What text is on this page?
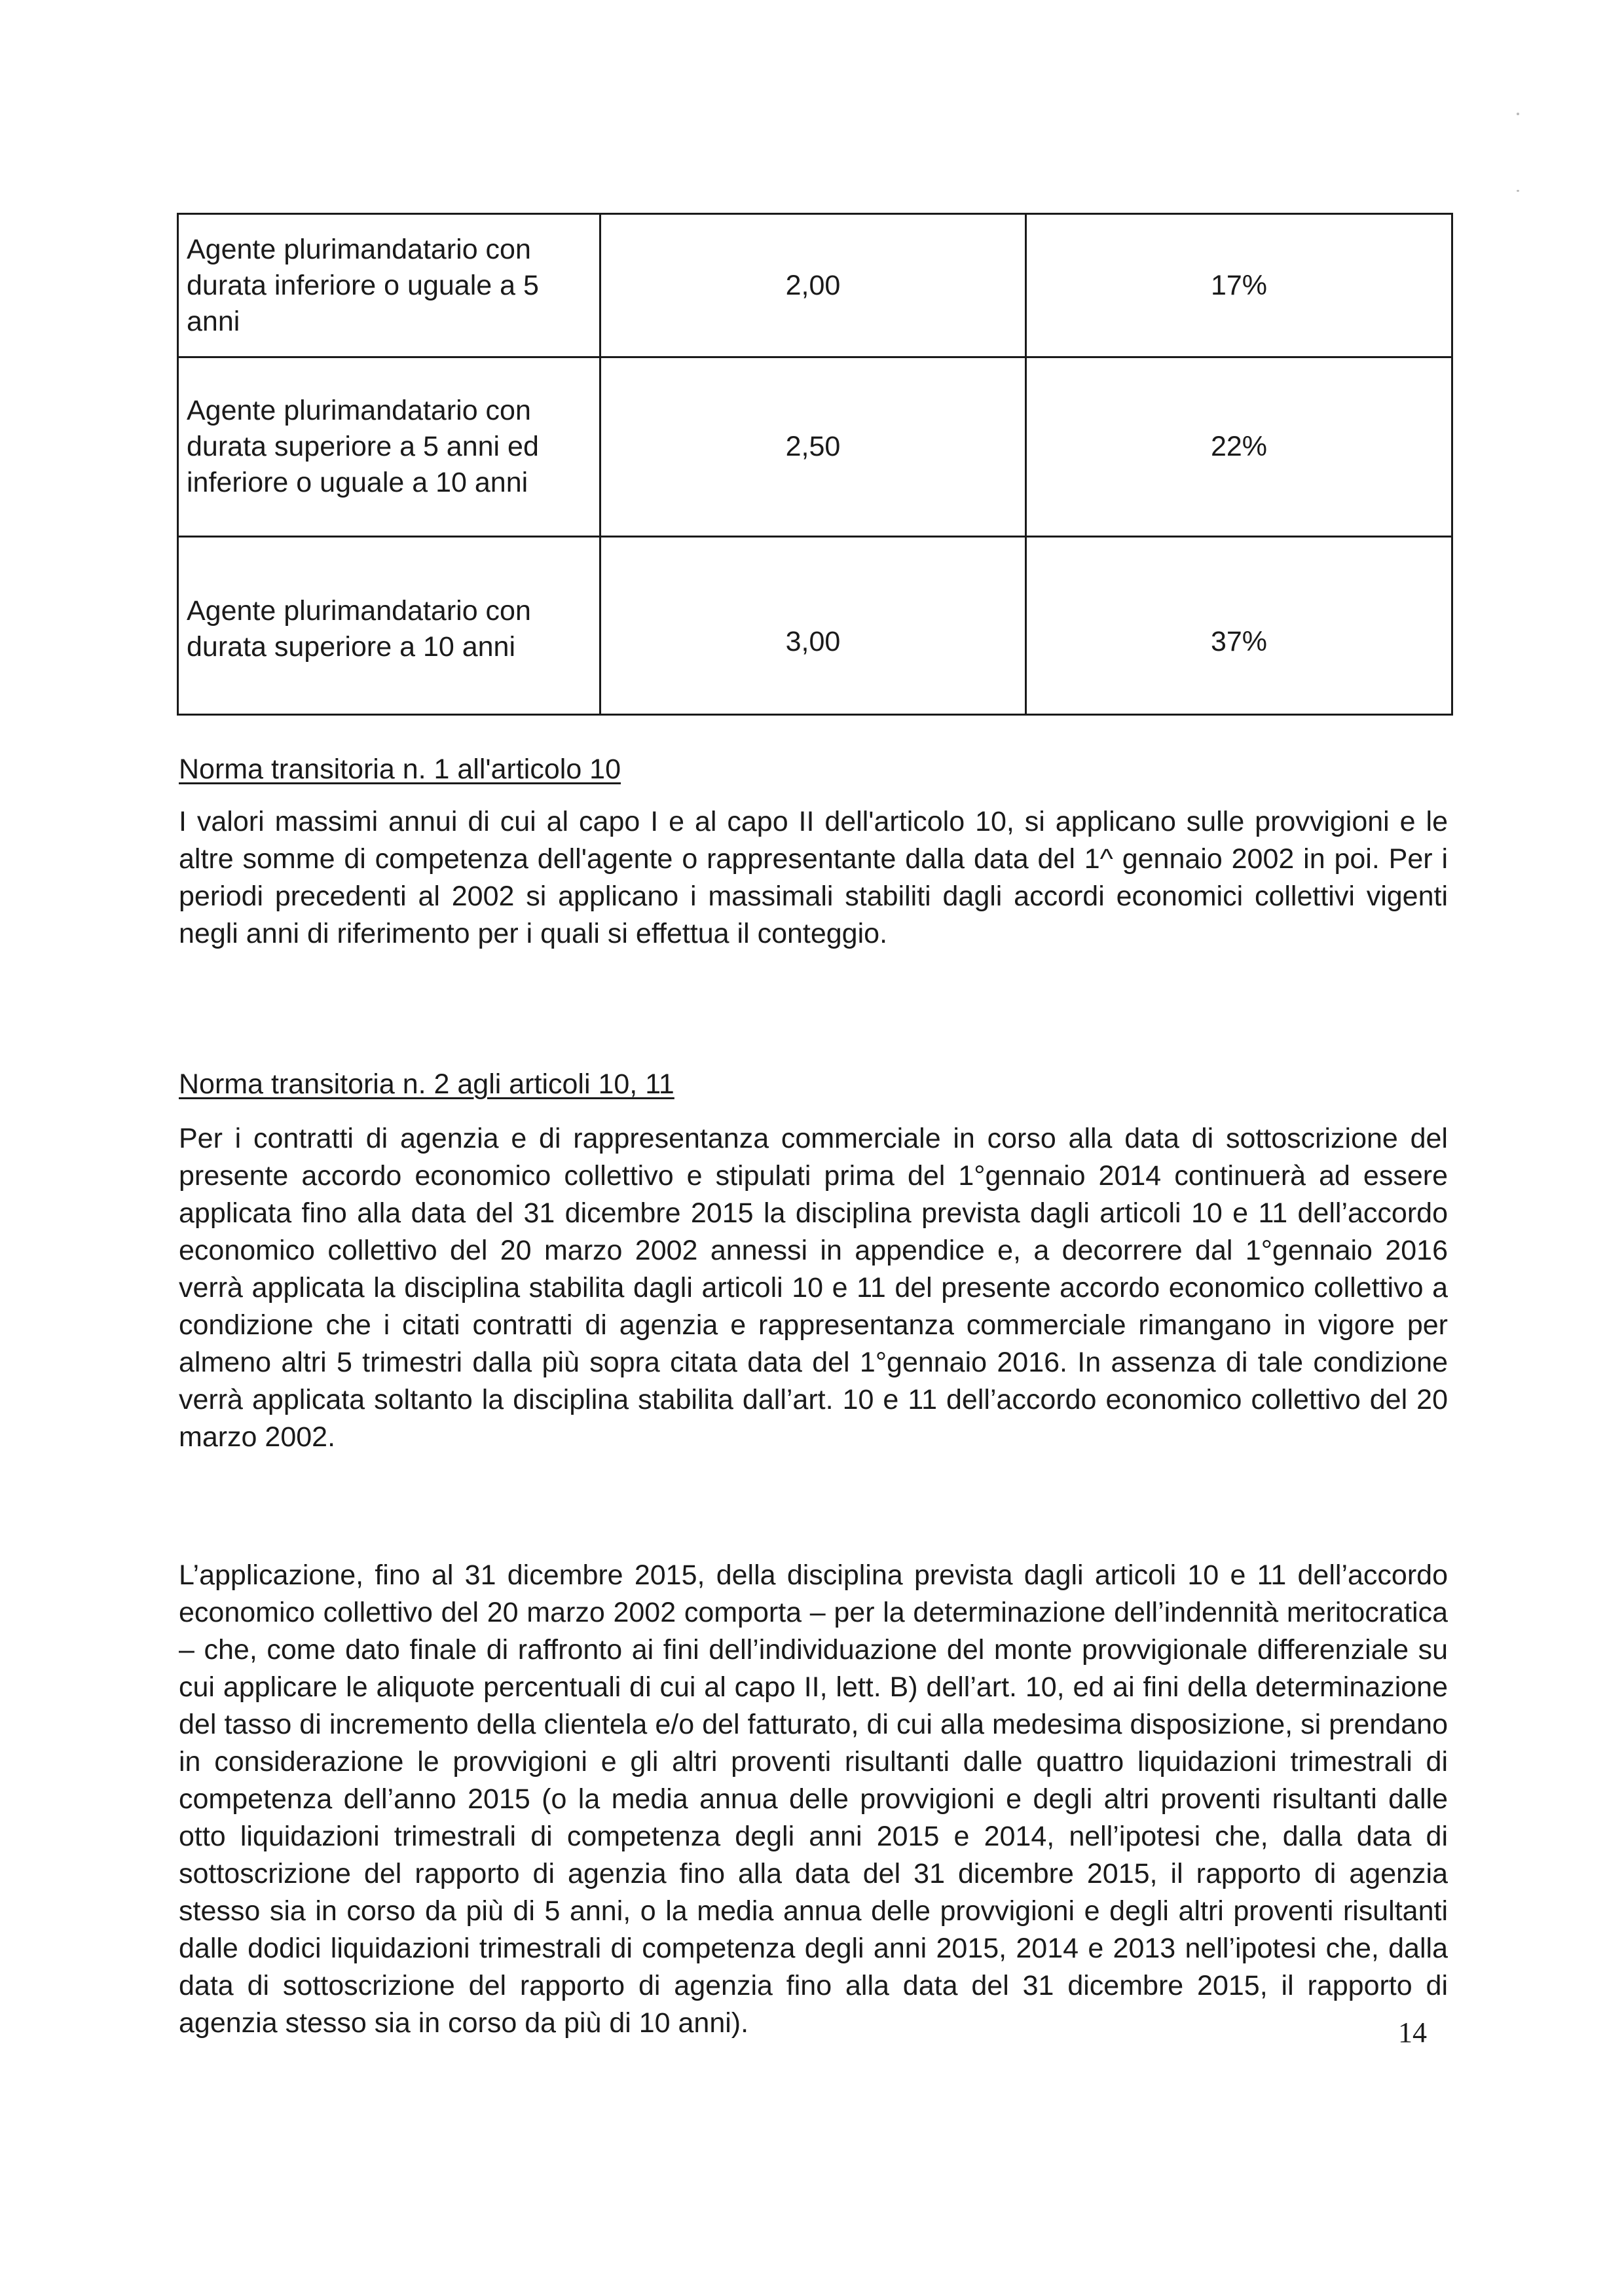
Agente plurimandatario con durata inferiore o uguale a 5 anni	2,00	17%
Agente plurimandatario con durata superiore a 5 anni ed inferiore o uguale a 10 anni	2,50	22%
Agente plurimandatario con durata superiore a 10 anni	3,00	37%
Norma transitoria n. 1 all'articolo 10

I valori massimi annui di cui al capo I e al capo II dell'articolo 10, si applicano sulle provvigioni e le altre somme di competenza dell'agente o rappresentante dalla data del 1^ gennaio 2002 in poi. Per i periodi precedenti al 2002 si applicano i massimali stabiliti dagli accordi economici collettivi vigenti negli anni di riferimento per i quali si effettua il conteggio.

Norma transitoria n. 2 agli articoli 10, 11

Per i contratti di agenzia e di rappresentanza commerciale in corso alla data di sottoscrizione del presente accordo economico collettivo e stipulati prima del 1°gennaio 2014 continuerà ad essere applicata fino alla data del 31 dicembre 2015 la disciplina prevista dagli articoli 10 e 11 dell’accordo economico collettivo del 20 marzo 2002 annessi in appendice e, a decorrere dal 1°gennaio 2016 verrà applicata la disciplina stabilita dagli articoli 10 e 11 del presente accordo economico collettivo a condizione che i citati contratti di agenzia e rappresentanza commerciale rimangano in vigore per almeno altri 5 trimestri dalla più sopra citata data del 1°gennaio 2016. In assenza di tale condizione verrà applicata soltanto la disciplina stabilita dall’art. 10 e 11 dell’accordo economico collettivo del 20 marzo 2002.

L’applicazione, fino al 31 dicembre 2015, della disciplina prevista dagli articoli 10 e 11 dell’accordo economico collettivo del 20 marzo 2002 comporta – per la determinazione dell’indennità meritocratica – che, come dato finale di raffronto ai fini dell’individuazione del monte provvigionale differenziale su cui applicare le aliquote percentuali di cui al capo II, lett. B) dell’art. 10, ed ai fini della determinazione del tasso di incremento della clientela e/o del fatturato, di cui alla medesima disposizione, si prendano in considerazione le provvigioni e gli altri proventi risultanti dalle quattro liquidazioni trimestrali di competenza dell’anno 2015 (o la media annua delle provvigioni e degli altri proventi risultanti dalle otto liquidazioni trimestrali di competenza degli anni 2015 e 2014, nell’ipotesi che, dalla data di sottoscrizione del rapporto di agenzia fino alla data del 31 dicembre 2015, il rapporto di agenzia stesso sia in corso da più di 5 anni, o la media annua delle provvigioni e degli altri proventi risultanti dalle dodici liquidazioni trimestrali di competenza degli anni 2015, 2014 e 2013 nell’ipotesi che, dalla data di sottoscrizione del rapporto di agenzia fino alla data del 31 dicembre 2015, il rapporto di agenzia stesso sia in corso da più di 10 anni).	14
